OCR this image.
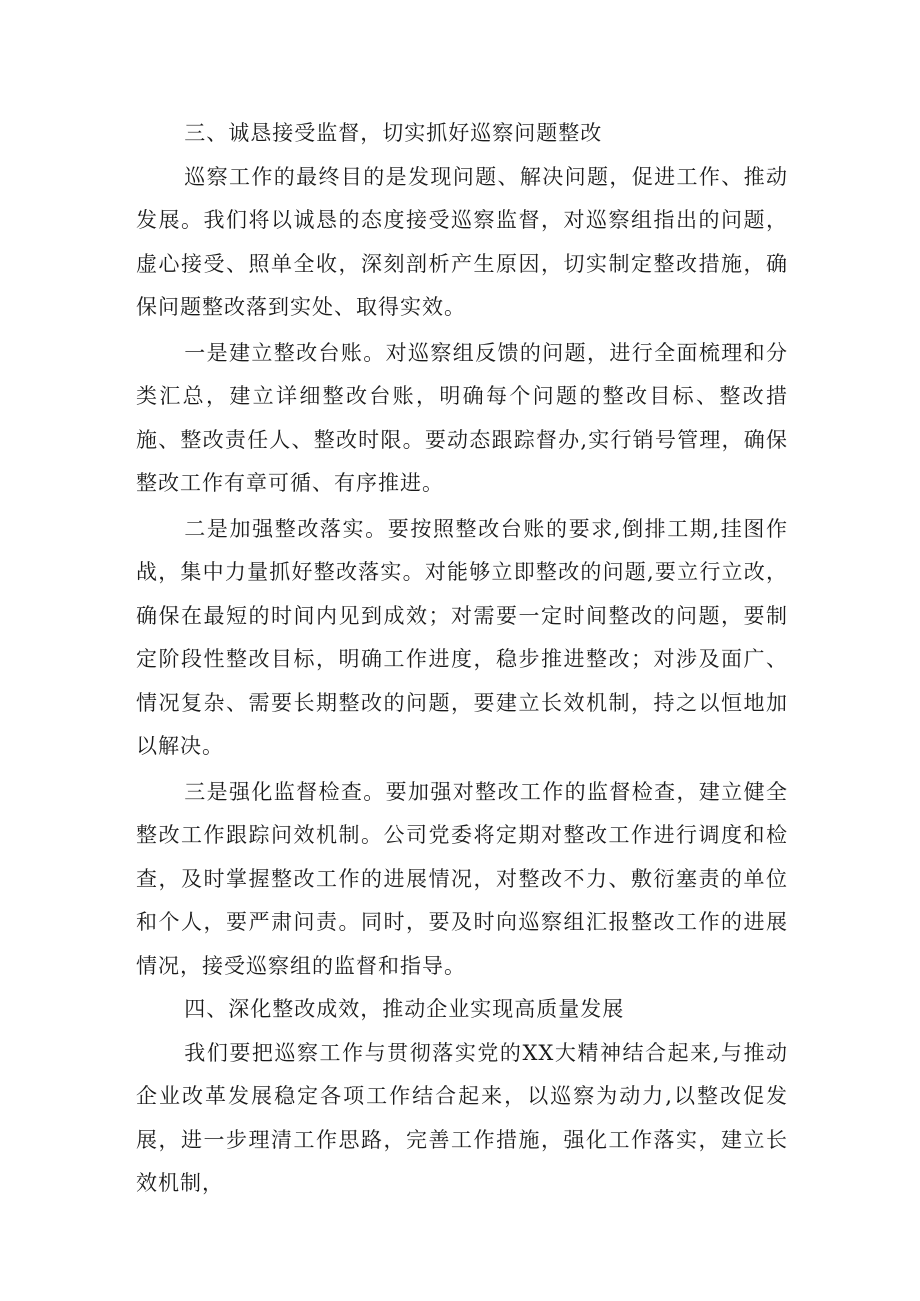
三、诚恳接受监督，切实抓好巡察问题整改

巡察工作的最终目的是发现问题、解决问题，促进工作、推动发展。我们将以诚恳的态度接受巡察监督，对巡察组指出的问题，虚心接受、照单全收，深刻剖析产生原因，切实制定整改措施，确保问题整改落到实处、取得实效。

一是建立整改台账。对巡察组反馈的问题，进行全面梳理和分类汇总，建立详细整改台账，明确每个问题的整改目标、整改措施、整改责任人、整改时限。要动态跟踪督办,实行销号管理，确保整改工作有章可循、有序推进。

二是加强整改落实。要按照整改台账的要求,倒排工期,挂图作战，集中力量抓好整改落实。对能够立即整改的问题,要立行立改，确保在最短的时间内见到成效；对需要一定时间整改的问题，要制定阶段性整改目标，明确工作进度，稳步推进整改；对涉及面广、情况复杂、需要长期整改的问题，要建立长效机制，持之以恒地加以解决。

三是强化监督检查。要加强对整改工作的监督检查，建立健全整改工作跟踪问效机制。公司党委将定期对整改工作进行调度和检查，及时掌握整改工作的进展情况，对整改不力、敷衍塞责的单位和个人，要严肃问责。同时，要及时向巡察组汇报整改工作的进展情况，接受巡察组的监督和指导。

四、深化整改成效，推动企业实现高质量发展

我们要把巡察工作与贯彻落实党的XX大精神结合起来,与推动企业改革发展稳定各项工作结合起来，以巡察为动力,以整改促发展，进一步理清工作思路，完善工作措施，强化工作落实，建立长效机制，
